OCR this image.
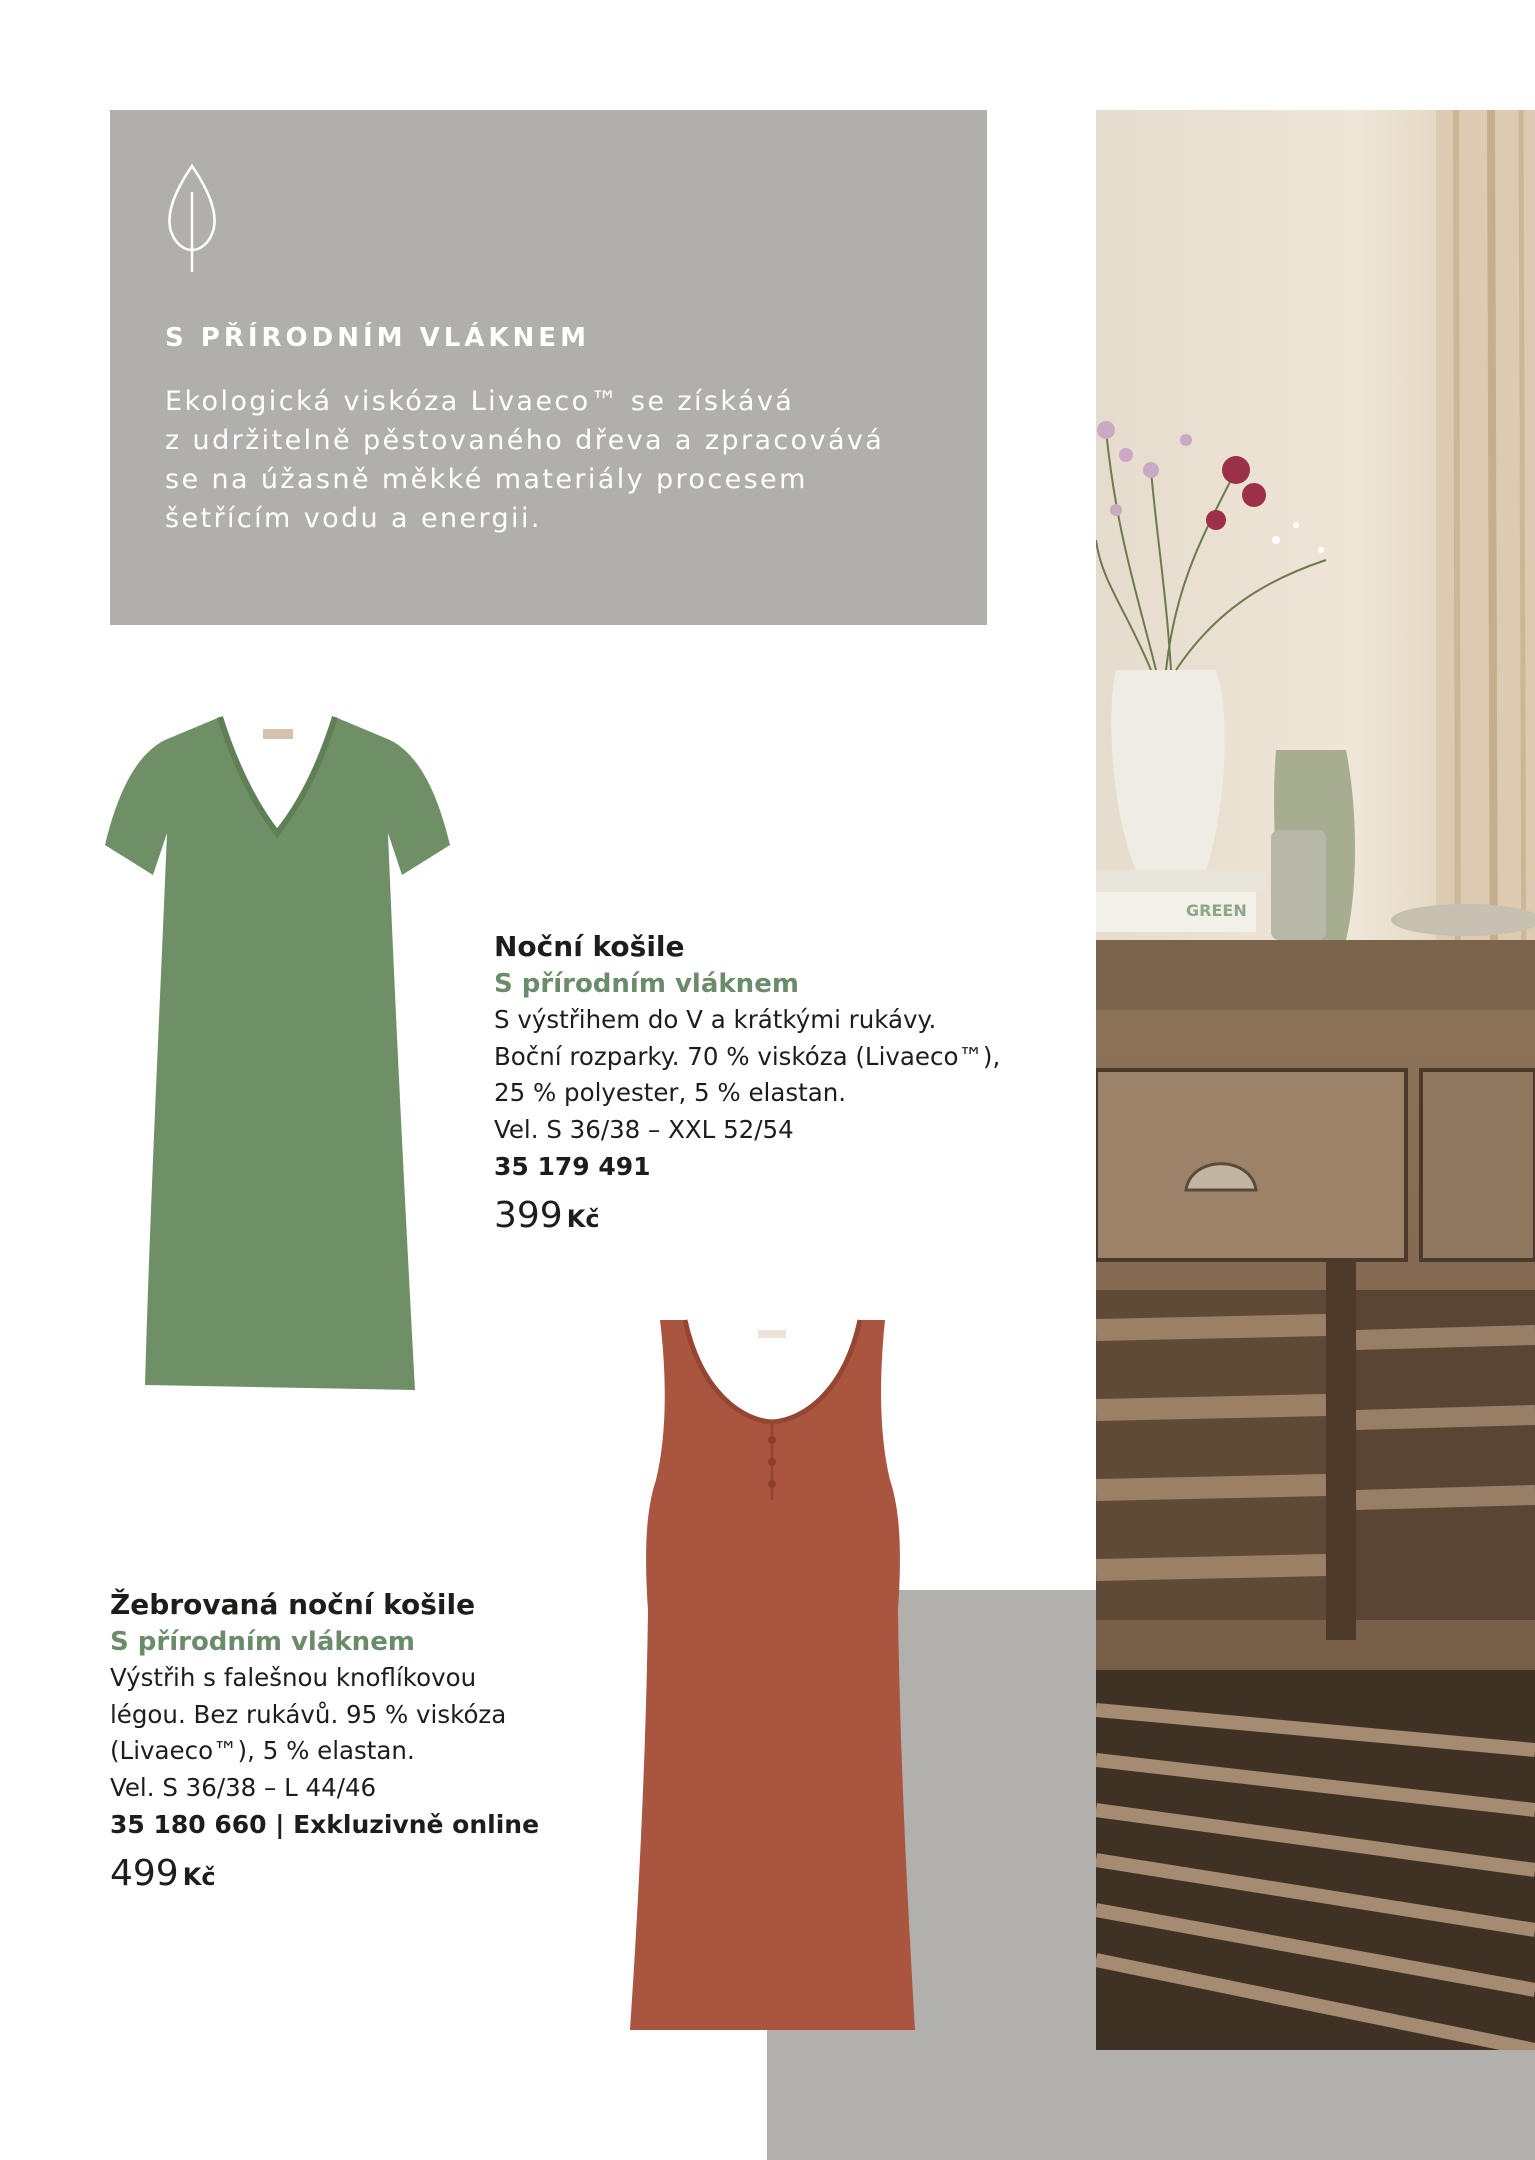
S PŘÍRODNÍM VLÁKNEM

Ekologická viskóza Livaeco™ se získává
z udržitelně pěstovaného dřeva a zpracovává
se na úžasně měkké materiály procesem
šetřícím vodu a energii.

GREEN
Noční košile

S přírodním vláknem

S výstřihem do V a krátkými rukávy.
Boční rozparky. 70 % viskóza (Livaeco™),
25 % polyester, 5 % elastan.
Vel. S 36/38 – XXL 52/54

35 179 491

399 Kč

Žebrovaná noční košile

S přírodním vláknem

Výstřih s falešnou knoflíkovou
légou. Bez rukávů. 95 % viskóza
(Livaeco™), 5 % elastan.
Vel. S 36/38 – L 44/46

35 180 660 | Exkluzivně online

499 Kč
